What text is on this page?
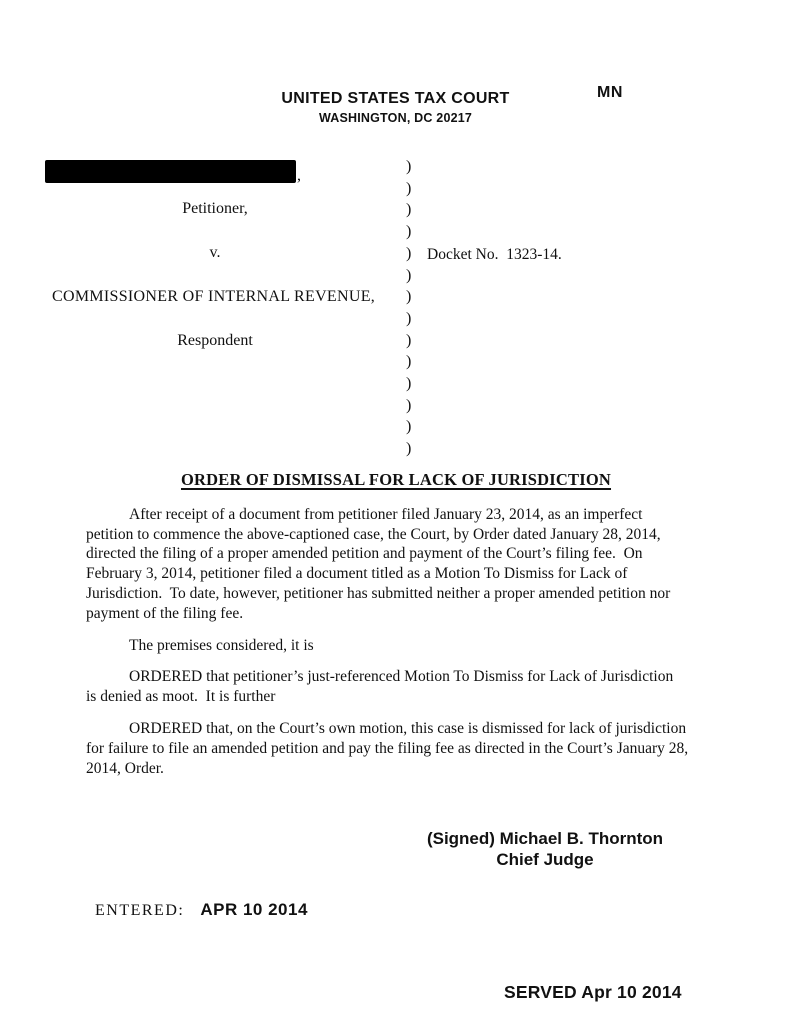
MN
UNITED STATES TAX COURT
WASHINGTON, DC 20217
,
Petitioner,
v.
COMMISSIONER OF INTERNAL REVENUE,
Respondent
)
)
)
)
)
)
)
)
)
)
)
)
)
)
Docket No.  1323-14.
ORDER OF DISMISSAL FOR LACK OF JURISDICTION
After receipt of a document from petitioner filed January 23, 2014, as an imperfect
petition to commence the above-captioned case, the Court, by Order dated January 28, 2014,
directed the filing of a proper amended petition and payment of the Court’s filing fee.  On
February 3, 2014, petitioner filed a document titled as a Motion To Dismiss for Lack of
Jurisdiction.  To date, however, petitioner has submitted neither a proper amended petition nor
payment of the filing fee.
The premises considered, it is
ORDERED that petitioner’s just-referenced Motion To Dismiss for Lack of Jurisdiction
is denied as moot.  It is further
ORDERED that, on the Court’s own motion, this case is dismissed for lack of jurisdiction
for failure to file an amended petition and pay the filing fee as directed in the Court’s January 28,
2014, Order.
(Signed) Michael B. Thornton
Chief Judge
ENTERED: APR 10 2014
SERVED Apr 10 2014
